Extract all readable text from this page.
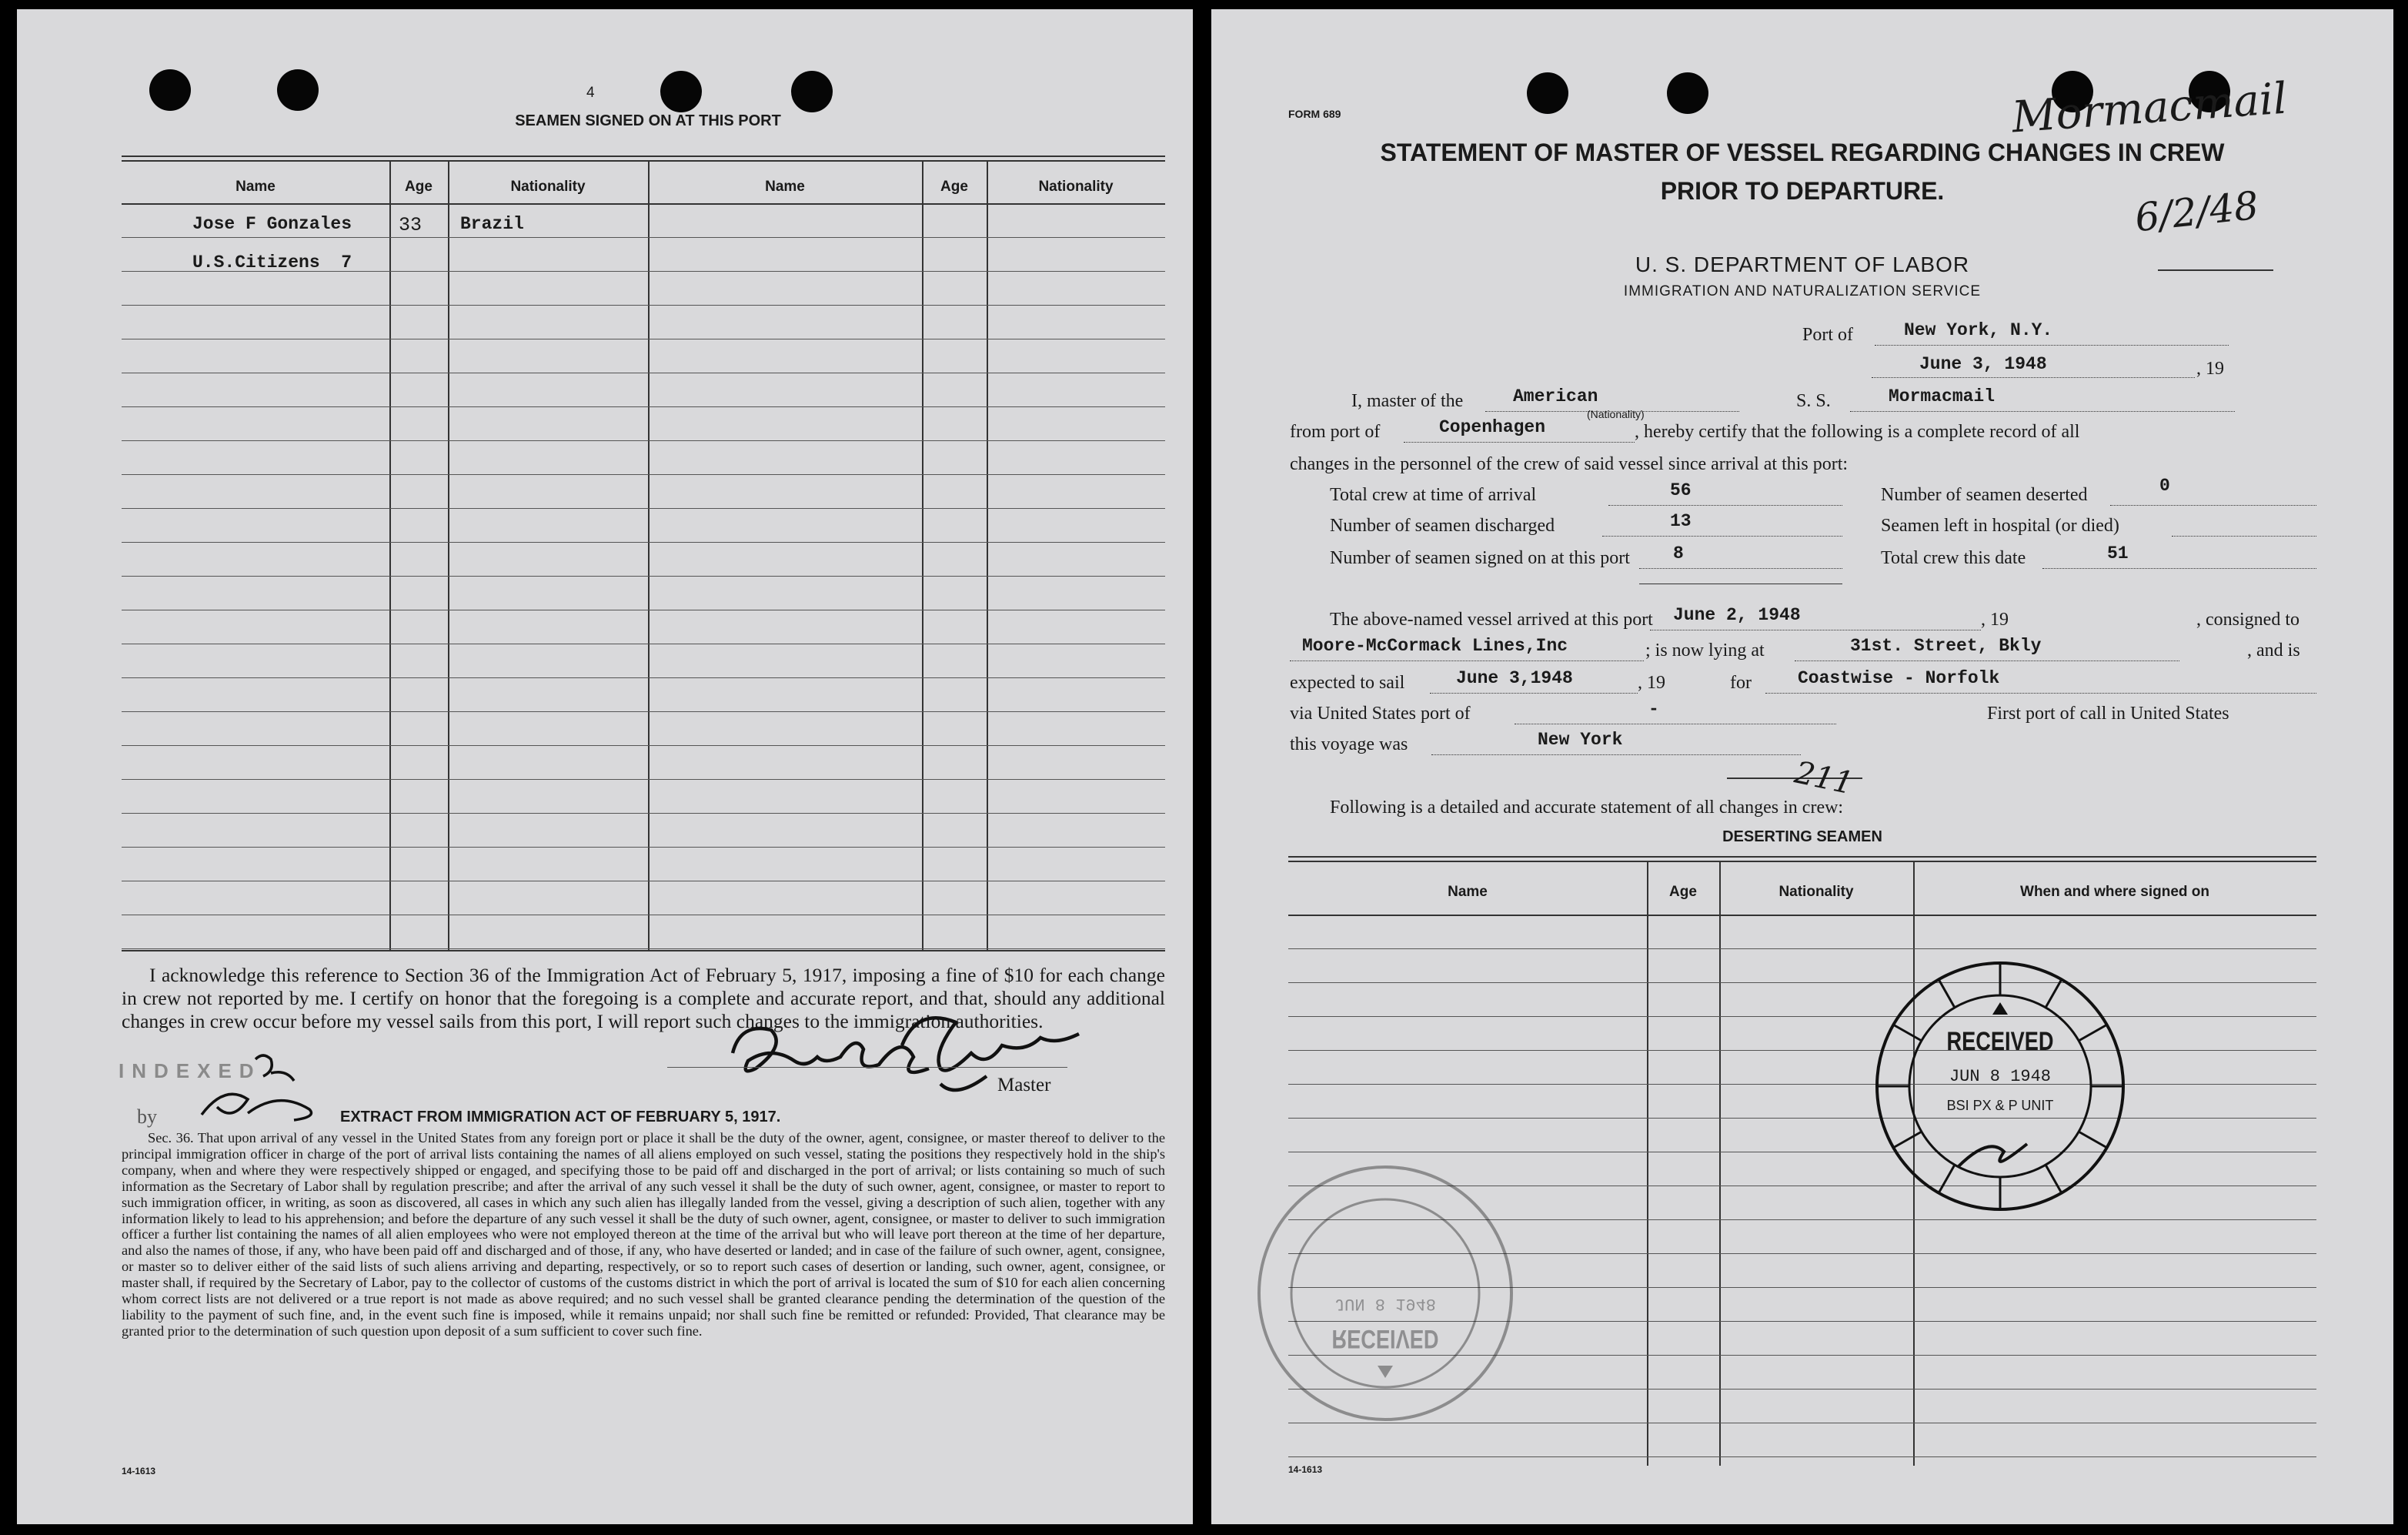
4
SEAMEN SIGNED ON AT THIS PORT
Name	Age	Nationality	Name	Age	Nationality
Jose F Gonzales 33 Brazil
U.S.Citizens  7
I acknowledge this reference to Section 36 of the Immigration Act of February 5, 1917, imposing a fine of $10 for each change in crew not reported by me. I certify on honor that the foregoing is a complete and accurate report, and that, should any additional changes in crew occur before my vessel sails from this port, I will report such changes to the immigration authorities.
INDEXED
by
Master
EXTRACT FROM IMMIGRATION ACT OF FEBRUARY 5, 1917.
Sec. 36. That upon arrival of any vessel in the United States from any foreign port or place it shall be the duty of the owner, agent, consignee, or master thereof to deliver to the principal immigration officer in charge of the port of arrival lists containing the names of all aliens employed on such vessel, stating the positions they respectively hold in the ship's company, when and where they were respectively shipped or engaged, and specifying those to be paid off and discharged in the port of arrival; or lists containing so much of such information as the Secretary of Labor shall by regulation prescribe; and after the arrival of any such vessel it shall be the duty of such owner, agent, consignee, or master to report to such immigration officer, in writing, as soon as discovered, all cases in which any such alien has illegally landed from the vessel, giving a description of such alien, together with any information likely to lead to his apprehension; and before the departure of any such vessel it shall be the duty of such owner, agent, consignee, or master to deliver to such immigration officer a further list containing the names of all alien employees who were not employed thereon at the time of the arrival but who will leave port thereon at the time of her departure, and also the names of those, if any, who have been paid off and discharged and of those, if any, who have deserted or landed; and in case of the failure of such owner, agent, consignee, or master so to deliver either of the said lists of such aliens arriving and departing, respectively, or so to report such cases of desertion or landing, such owner, agent, consignee, or master shall, if required by the Secretary of Labor, pay to the collector of customs of the customs district in which the port of arrival is located the sum of $10 for each alien concerning whom correct lists are not delivered or a true report is not made as above required; and no such vessel shall be granted clearance pending the determination of the question of the liability to the payment of such fine, and, in the event such fine is imposed, while it remains unpaid; nor shall such fine be remitted or refunded: Provided, That clearance may be granted prior to the determination of such question upon deposit of a sum sufficient to cover such fine.
14-1613
FORM 689	Mormacmail
6/2/48
STATEMENT OF MASTER OF VESSEL REGARDING CHANGES IN CREW
PRIOR TO DEPARTURE.
U. S. DEPARTMENT OF LABOR
IMMIGRATION AND NATURALIZATION SERVICE
Port of	New York, N.Y.
June 3, 1948	, 19
I, master of the	American
(Nationality)
S. S.	Mormacmail
from port of	Copenhagen	, hereby certify that the following is a complete record of all
changes in the personnel of the crew of said vessel since arrival at this port:
Total crew at time of arrival	56	Number of seamen deserted	0
Number of seamen discharged	13	Seamen left in hospital (or died)
Number of seamen signed on at this port 8	Total crew this date	51
The above-named vessel arrived at this port June 2, 1948	, 19	, consigned to
Moore-McCormack Lines,Inc	; is now lying at	31st. Street, Bkly	, and is
expected to sail	June 3,1948	, 19	for	Coastwise - Norfolk
via United States port of	-	First port of call in United States
this voyage was	New York
211
Following is a detailed and accurate statement of all changes in crew:
DESERTING SEAMEN
Name	Age	Nationality	When and where signed on
RECEIVED
JUN 8 1948
BSI PX & P UNIT
RECEIVED
JUN 8 1948
14-1613
